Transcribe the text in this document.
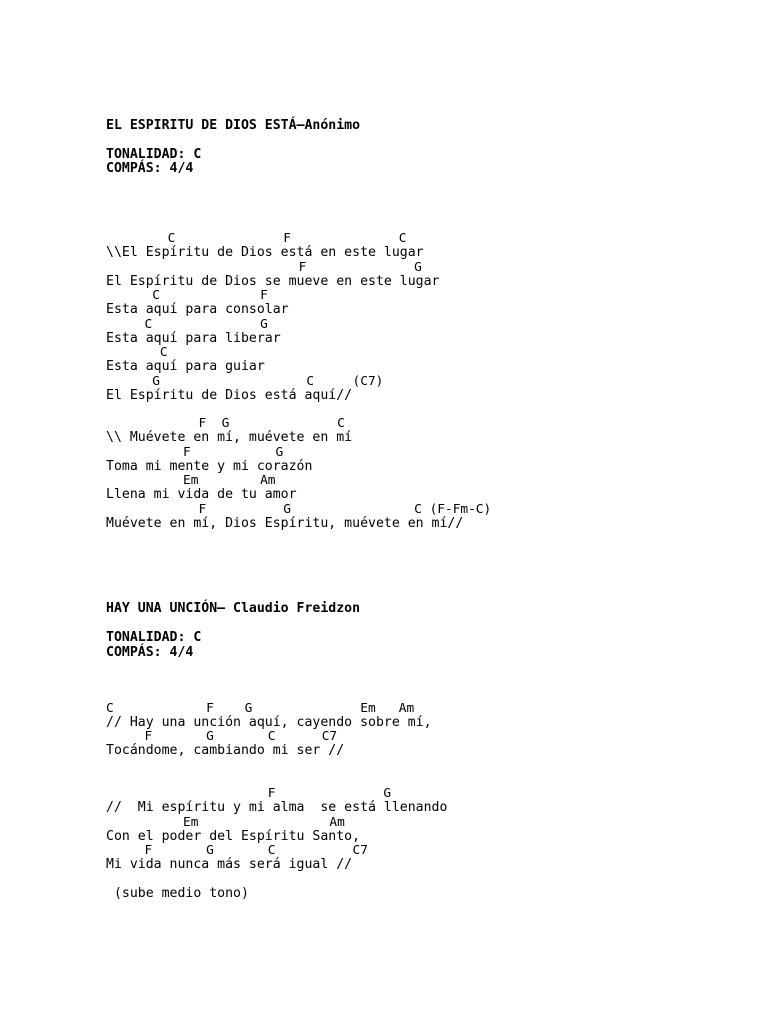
EL ESPIRITU DE DIOS ESTÁ–Anónimo
TONALIDAD: C
COMPÁS: 4/4
C              F              C
\\El Espíritu de Dios está en este lugar
F              G
El Espíritu de Dios se mueve en este lugar
C             F
Esta aquí para consolar
C              G
Esta aquí para liberar
C
Esta aquí para guiar
G                   C     (C7)
El Espíritu de Dios está aquí//
F  G              C
\\ Muévete en mí, muévete en mí
F           G
Toma mi mente y mi corazón
Em        Am
Llena mi vida de tu amor
F          G                C (F-Fm-C)
Muévete en mí, Dios Espíritu, muévete en mí//
HAY UNA UNCIÓN– Claudio Freidzon
TONALIDAD: C
COMPÁS: 4/4
C            F    G              Em   Am
// Hay una unción aquí, cayendo sobre mí,
F       G       C      C7
Tocándome, cambiando mi ser //
F              G
//  Mi espíritu y mi alma  se está llenando
Em                 Am
Con el poder del Espíritu Santo,
F       G       C          C7
Mi vida nunca más será igual //
(sube medio tono)
